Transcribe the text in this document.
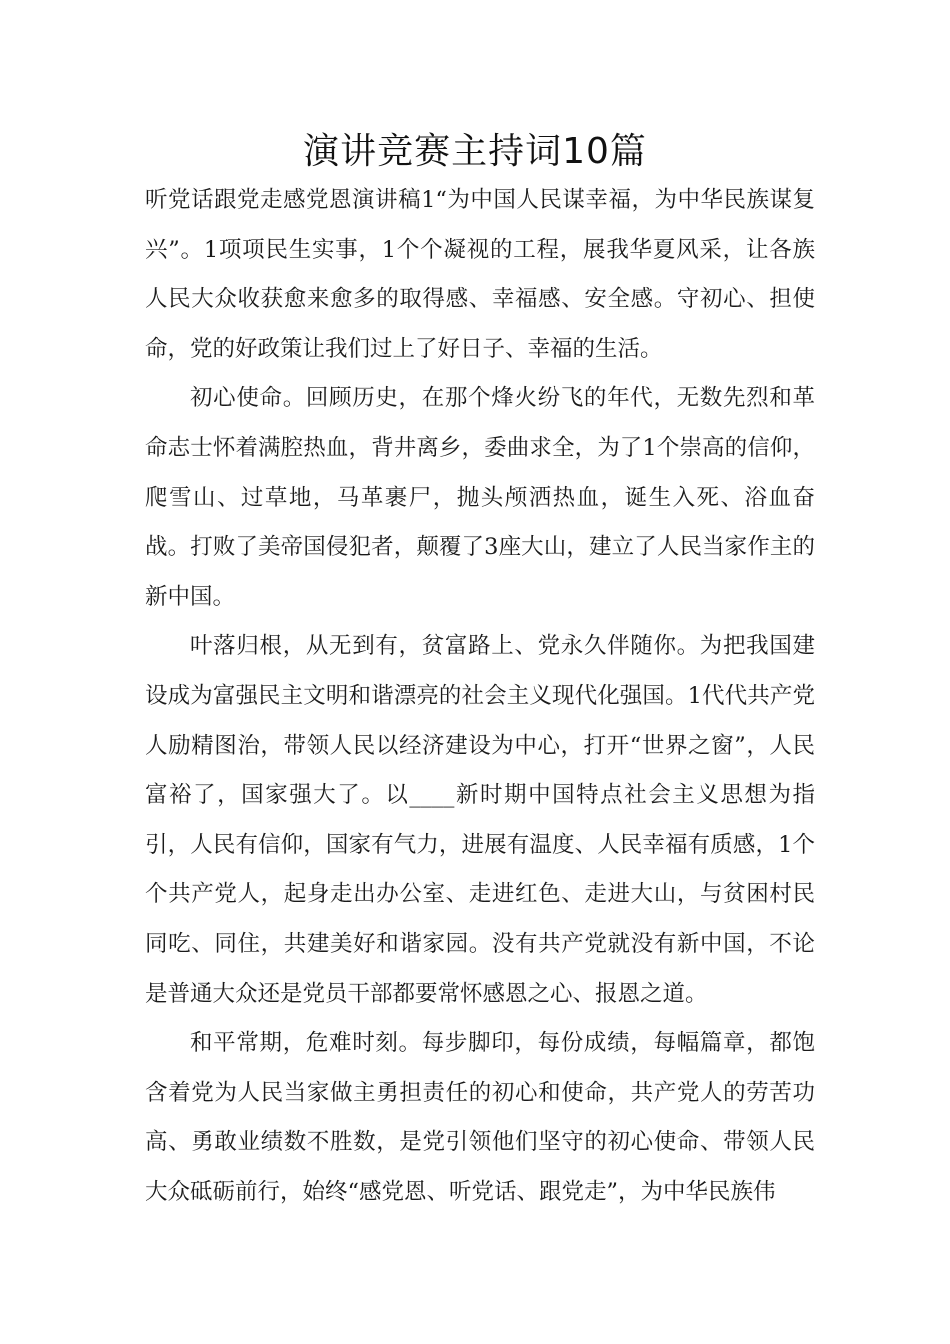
演讲竞赛主持词10篇

听党话跟党走感党恩演讲稿1“为中国人民谋幸福，为中华民族谋复兴”。1项项民生实事，1个个凝视的工程，展我华夏风采，让各族人民大众收获愈来愈多的取得感、幸福感、安全感。守初心、担使命，党的好政策让我们过上了好日子、幸福的生活。

初心使命。回顾历史，在那个烽火纷飞的年代，无数先烈和革命志士怀着满腔热血，背井离乡，委曲求全，为了1个崇高的信仰，爬雪山、过草地，马革裹尸，抛头颅洒热血，诞生入死、浴血奋战。打败了美帝国侵犯者，颠覆了3座大山，建立了人民当家作主的新中国。

叶落归根，从无到有，贫富路上、党永久伴随你。为把我国建设成为富强民主文明和谐漂亮的社会主义现代化强国。1代代共产党人励精图治，带领人民以经济建设为中心，打开“世界之窗”，人民富裕了，国家强大了。以____新时期中国特点社会主义思想为指引，人民有信仰，国家有气力，进展有温度、人民幸福有质感，1个个共产党人，起身走出办公室、走进红色、走进大山，与贫困村民同吃、同住，共建美好和谐家园。没有共产党就没有新中国，不论是普通大众还是党员干部都要常怀感恩之心、报恩之道。

和平常期，危难时刻。每步脚印，每份成绩，每幅篇章，都饱含着党为人民当家做主勇担责任的初心和使命，共产党人的劳苦功高、勇敢业绩数不胜数，是党引领他们坚守的初心使命、带领人民大众砥砺前行，始终“感党恩、听党话、跟党走”，为中华民族伟
